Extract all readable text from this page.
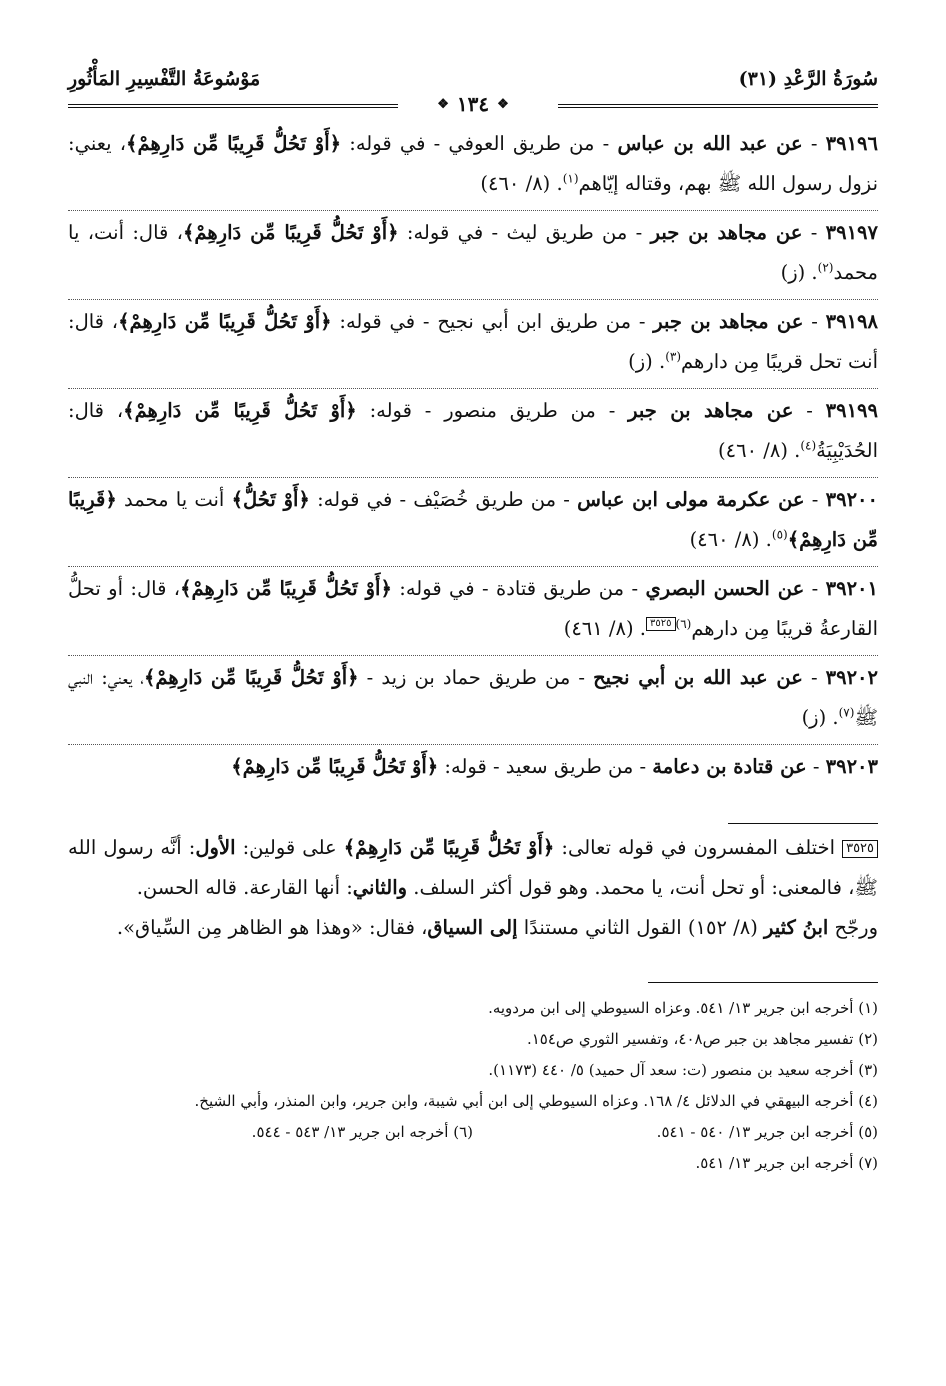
سُورَةُ الرَّعْدِ (٣١)
مَوْسُوعَةُ التَّفْسِيرِ المَأْثُورِ
❖
١٣٤
❖
٣٩١٩٦ - عن عبد الله بن عباس - من طريق العوفي - في قوله: ﴿أَوْ تَحُلُّ قَرِيبًا مِّن دَارِهِمْ﴾، يعني: نزول رسول الله ﷺ بهم، وقتاله إيّاهم$^{(١)}$. (٨/ ٤٦٠)
٣٩١٩٧ - عن مجاهد بن جبر - من طريق ليث - في قوله: ﴿أَوْ تَحُلُّ قَرِيبًا مِّن دَارِهِمْ﴾، قال: أنت، يا محمد$^{(٢)}$. (ز)
٣٩١٩٨ - عن مجاهد بن جبر - من طريق ابن أبي نجيح - في قوله: ﴿أَوْ تَحُلُّ قَرِيبًا مِّن دَارِهِمْ﴾، قال: أنت تحل قريبًا مِن دارهم$^{(٣)}$. (ز)
٣٩١٩٩ - عن مجاهد بن جبر - من طريق منصور - قوله: ﴿أَوْ تَحُلُّ قَرِيبًا مِّن دَارِهِمْ﴾، قال: الحُدَيْبِيَةُ$^{(٤)}$. (٨/ ٤٦٠)
٣٩٢٠٠ - عن عكرمة مولى ابن عباس - من طريق خُصَيْف - في قوله: ﴿أَوْ تَحُلُّ﴾ أنت يا محمد ﴿قَرِيبًا مِّن دَارِهِمْ﴾$^{(٥)}$. (٨/ ٤٦٠)
٣٩٢٠١ - عن الحسن البصري - من طريق قتادة - في قوله: ﴿أَوْ تَحُلُّ قَرِيبًا مِّن دَارِهِمْ﴾، قال: أو تحلُّ القارعةُ قريبًا مِن دارهم$^{(٦)٣٥٢٥}$. (٨/ ٤٦١)
٣٩٢٠٢ - عن عبد الله بن أبي نجيح - من طريق حماد بن زيد - ﴿أَوْ تَحُلُّ قَرِيبًا مِّن دَارِهِمْ﴾، يعني: النبي ﷺ$^{(٧)}$. (ز)
٣٩٢٠٣ - عن قتادة بن دعامة - من طريق سعيد - قوله: ﴿أَوْ تَحُلُّ قَرِيبًا مِّن دَارِهِمْ﴾
٣٥٢٥ اختلف المفسرون في قوله تعالى: ﴿أَوْ تَحُلُّ قَرِيبًا مِّن دَارِهِمْ﴾ على قولين: الأول: أنَّه رسول الله ﷺ، فالمعنى: أو تحل أنت، يا محمد. وهو قول أكثر السلف. والثاني: أنها القارعة. قاله الحسن.
ورجّح ابنُ كثير (٨/ ١٥٢) القول الثاني مستندًا إلى السياق، فقال: «وهذا هو الظاهر مِن السِّياق».
(١) أخرجه ابن جرير ١٣/ ٥٤١. وعزاه السيوطي إلى ابن مردويه.
(٢) تفسير مجاهد بن جبر ص٤٠٨، وتفسير الثوري ص١٥٤.
(٣) أخرجه سعيد بن منصور (ت: سعد آل حميد) ٥/ ٤٤٠ (١١٧٣).
(٤) أخرجه البيهقي في الدلائل ٤/ ١٦٨. وعزاه السيوطي إلى ابن أبي شيبة، وابن جرير، وابن المنذر، وأبي الشيخ.
(٥) أخرجه ابن جرير ١٣/ ٥٤٠ - ٥٤١.
(٦) أخرجه ابن جرير ١٣/ ٥٤٣ - ٥٤٤.
(٧) أخرجه ابن جرير ١٣/ ٥٤١.
